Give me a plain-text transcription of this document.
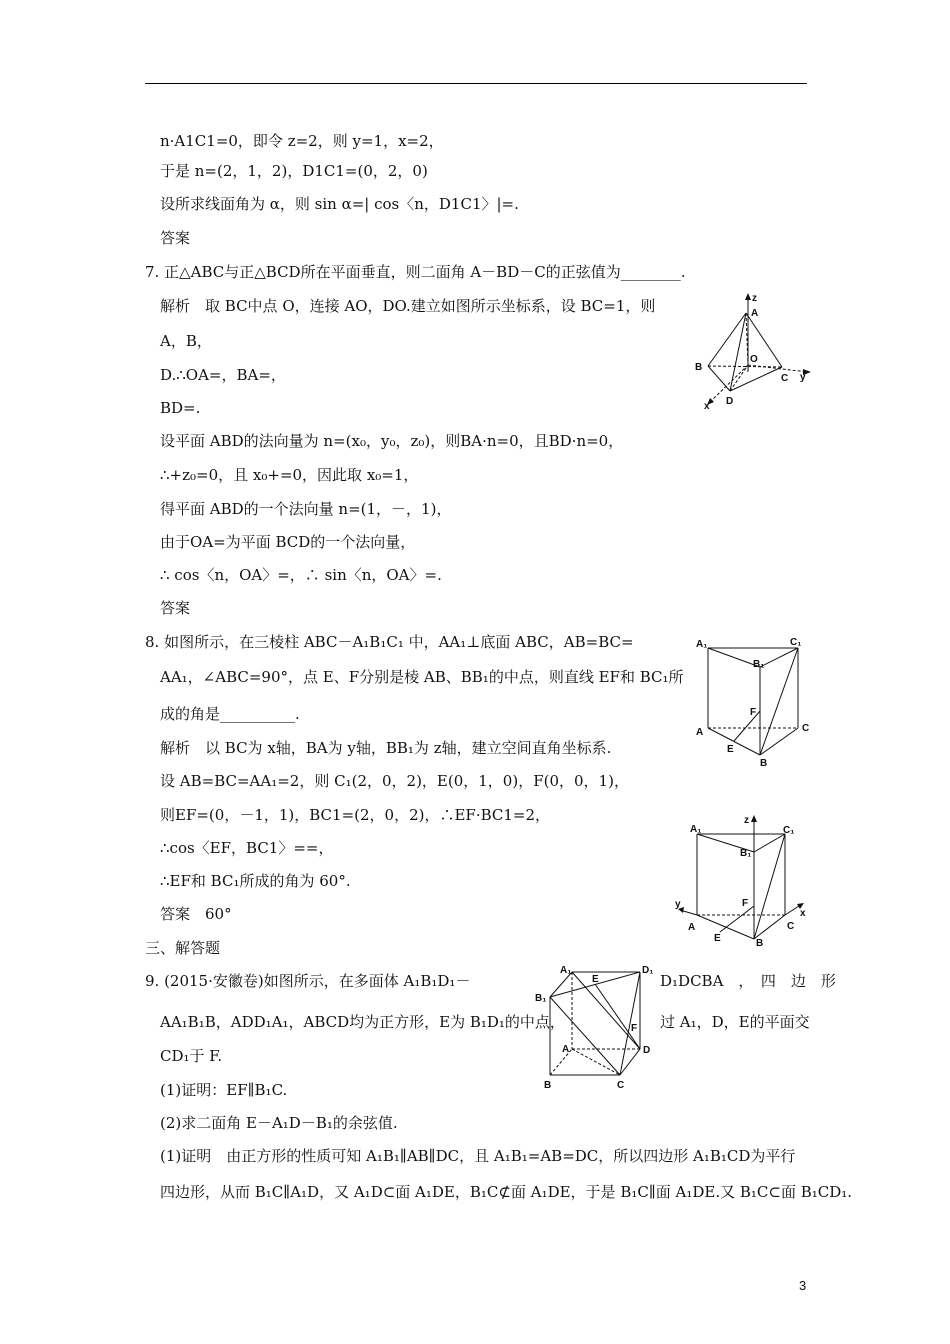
n·A1C1=0，即令 z=2，则 y=1，x=2，
于是 n=(2，1，2)，D1C1=(0，2，0)
设所求线面角为 α，则 sin α=| cos〈n，D1C1〉|=.
答案
7. 正△ABC与正△BCD所在平面垂直，则二面角 A－BD－C的正弦值为________.
解析　取 BC中点 O，连接 AO，DO.建立如图所示坐标系，设 BC=1，则
A，B，
D.∴OA=，BA=，
BD=.
设平面 ABD的法向量为 n=(x₀，y₀，z₀)，则BA·n=0，且BD·n=0，
∴+z₀=0，且 x₀+=0，因此取 x₀=1，
得平面 ABD的一个法向量 n=(1，－，1)，
由于OA=为平面 BCD的一个法向量，
∴ cos〈n，OA〉=，∴ sin〈n，OA〉=.
答案
8. 如图所示，在三棱柱 ABC－A₁B₁C₁ 中，AA₁⊥底面 ABC，AB=BC=
AA₁，∠ABC=90°，点 E、F分别是棱 AB、BB₁的中点，则直线 EF和 BC₁所
成的角是__________.
解析　以 BC为 x轴，BA为 y轴，BB₁为 z轴，建立空间直角坐标系.
设 AB=BC=AA₁=2，则 C₁(2，0，2)，E(0，1，0)，F(0，0，1)，
则EF=(0，－1，1)，BC1=(2，0，2)，∴EF·BC1=2，
∴cos〈EF，BC1〉==，
∴EF和 BC₁所成的角为 60°.
答案　60°
三、解答题
9. (2015·安徽卷)如图所示，在多面体 A₁B₁D₁－	D₁DCBA　，　四　边　形
AA₁B₁B，ADD₁A₁，ABCD均为正方形，E为 B₁D₁的中点，	过 A₁，D，E的平面交
CD₁于 F.
(1)证明：EF∥B₁C.
(2)求二面角 E－A₁D－B₁的余弦值.
(1)证明　由正方形的性质可知 A₁B₁∥AB∥DC，且 A₁B₁=AB=DC，所以四边形 A₁B₁CD为平行
四边形，从而 B₁C∥A₁D，又 A₁D⊂面 A₁DE，B₁C⊄面 A₁DE，于是 B₁C∥面 A₁DE.又 B₁C⊂面 B₁CD₁.
z
A
O
B
C y
x D
A₁	C₁
B₁
F
C
A
E
B
A₁
z
C₁
B₁
F
y
A
E
x
C
B
A₁	D₁
E
B₁
F
A	D
B	C
3
